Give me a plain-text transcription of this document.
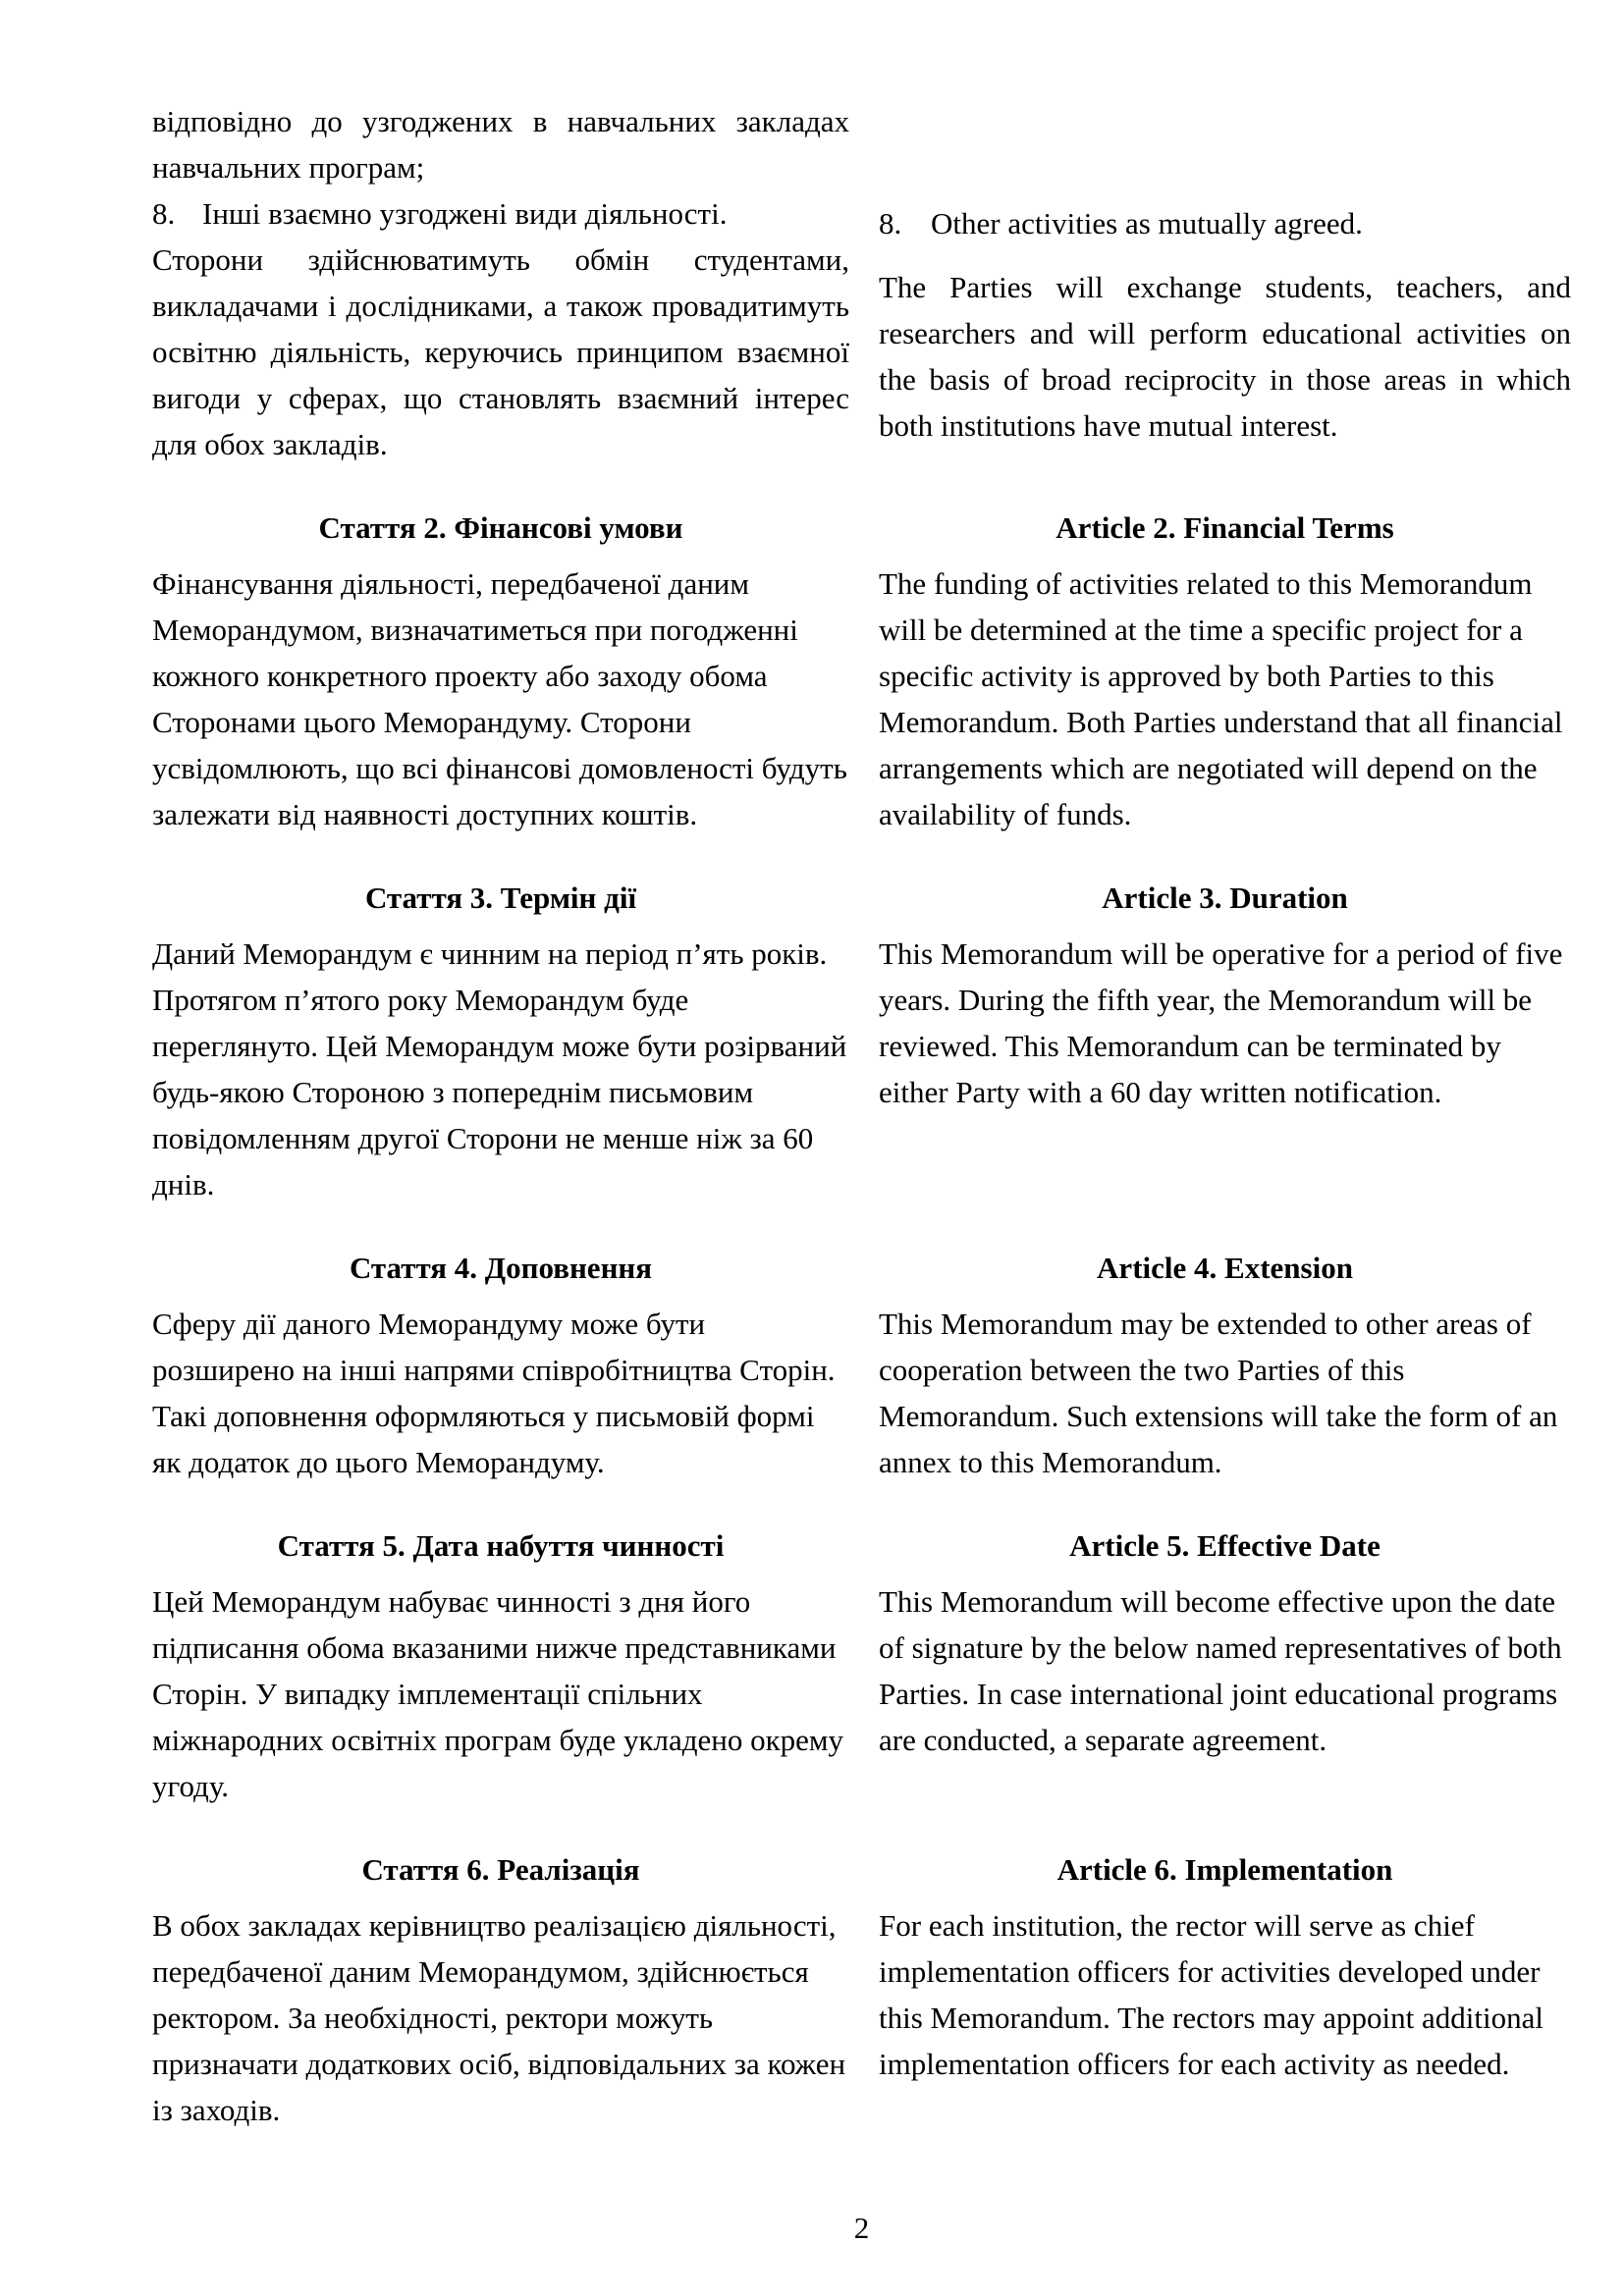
відповідно до узгоджених в навчальних закладах навчальних програм;

8. Інші взаємно узгоджені види діяльності.

Сторони здійснюватимуть обмін студентами, викладачами і дослідниками, а також провадитимуть освітню діяльність, керуючись принципом взаємної вигоди у сферах, що становлять взаємний інтерес для обох закладів.

8. Other activities as mutually agreed.

The Parties will exchange students, teachers, and researchers and will perform educational activities on the basis of broad reciprocity in those areas in which both institutions have mutual interest.

Стаття 2. Фінансові умови

Фінансування діяльності, передбаченої даним Меморандумом, визначатиметься при погодженні кожного конкретного проекту або заходу обома Сторонами цього Меморандуму. Сторони усвідомлюють, що всі фінансові домовленості будуть залежати від наявності доступних коштів.

Article 2. Financial Terms

The funding of activities related to this Memorandum will be determined at the time a specific project for a specific activity is approved by both Parties to this Memorandum. Both Parties understand that all financial arrangements which are negotiated will depend on the availability of funds.

Стаття 3. Термін дії

Даний Меморандум є чинним на період п’ять років. Протягом п’ятого року Меморандум буде переглянуто. Цей Меморандум може бути розірваний будь-якою Стороною з попереднім письмовим повідомленням другої Сторони не менше ніж за 60 днів.

Article 3. Duration

This Memorandum will be operative for a period of five years. During the fifth year, the Memorandum will be reviewed. This Memorandum can be terminated by either Party with a 60 day written notification.

Стаття 4. Доповнення

Сферу дії даного Меморандуму може бути розширено на інші напрями співробітництва Сторін. Такі доповнення оформляються у письмовій формі як додаток до цього Меморандуму.

Article 4. Extension

This Memorandum may be extended to other areas of cooperation between the two Parties of this Memorandum. Such extensions will take the form of an annex to this Memorandum.

Стаття 5. Дата набуття чинності

Цей Меморандум набуває чинності з дня його підписання обома вказаними нижче представниками Сторін. У випадку імплементації спільних міжнародних освітніх програм буде укладено окрему угоду.

Article 5. Effective Date

This Memorandum will become effective upon the date of signature by the below named representatives of both Parties. In case international joint educational programs are conducted, a separate agreement.

Стаття 6. Реалізація

В обох закладах керівництво реалізацією діяльності, передбаченої даним Меморандумом, здійснюється ректором. За необхідності, ректори можуть призначати додаткових осіб, відповідальних за кожен із заходів.

Article 6. Implementation

For each institution, the rector will serve as chief implementation officers for activities developed under this Memorandum. The rectors may appoint additional implementation officers for each activity as needed.

2
